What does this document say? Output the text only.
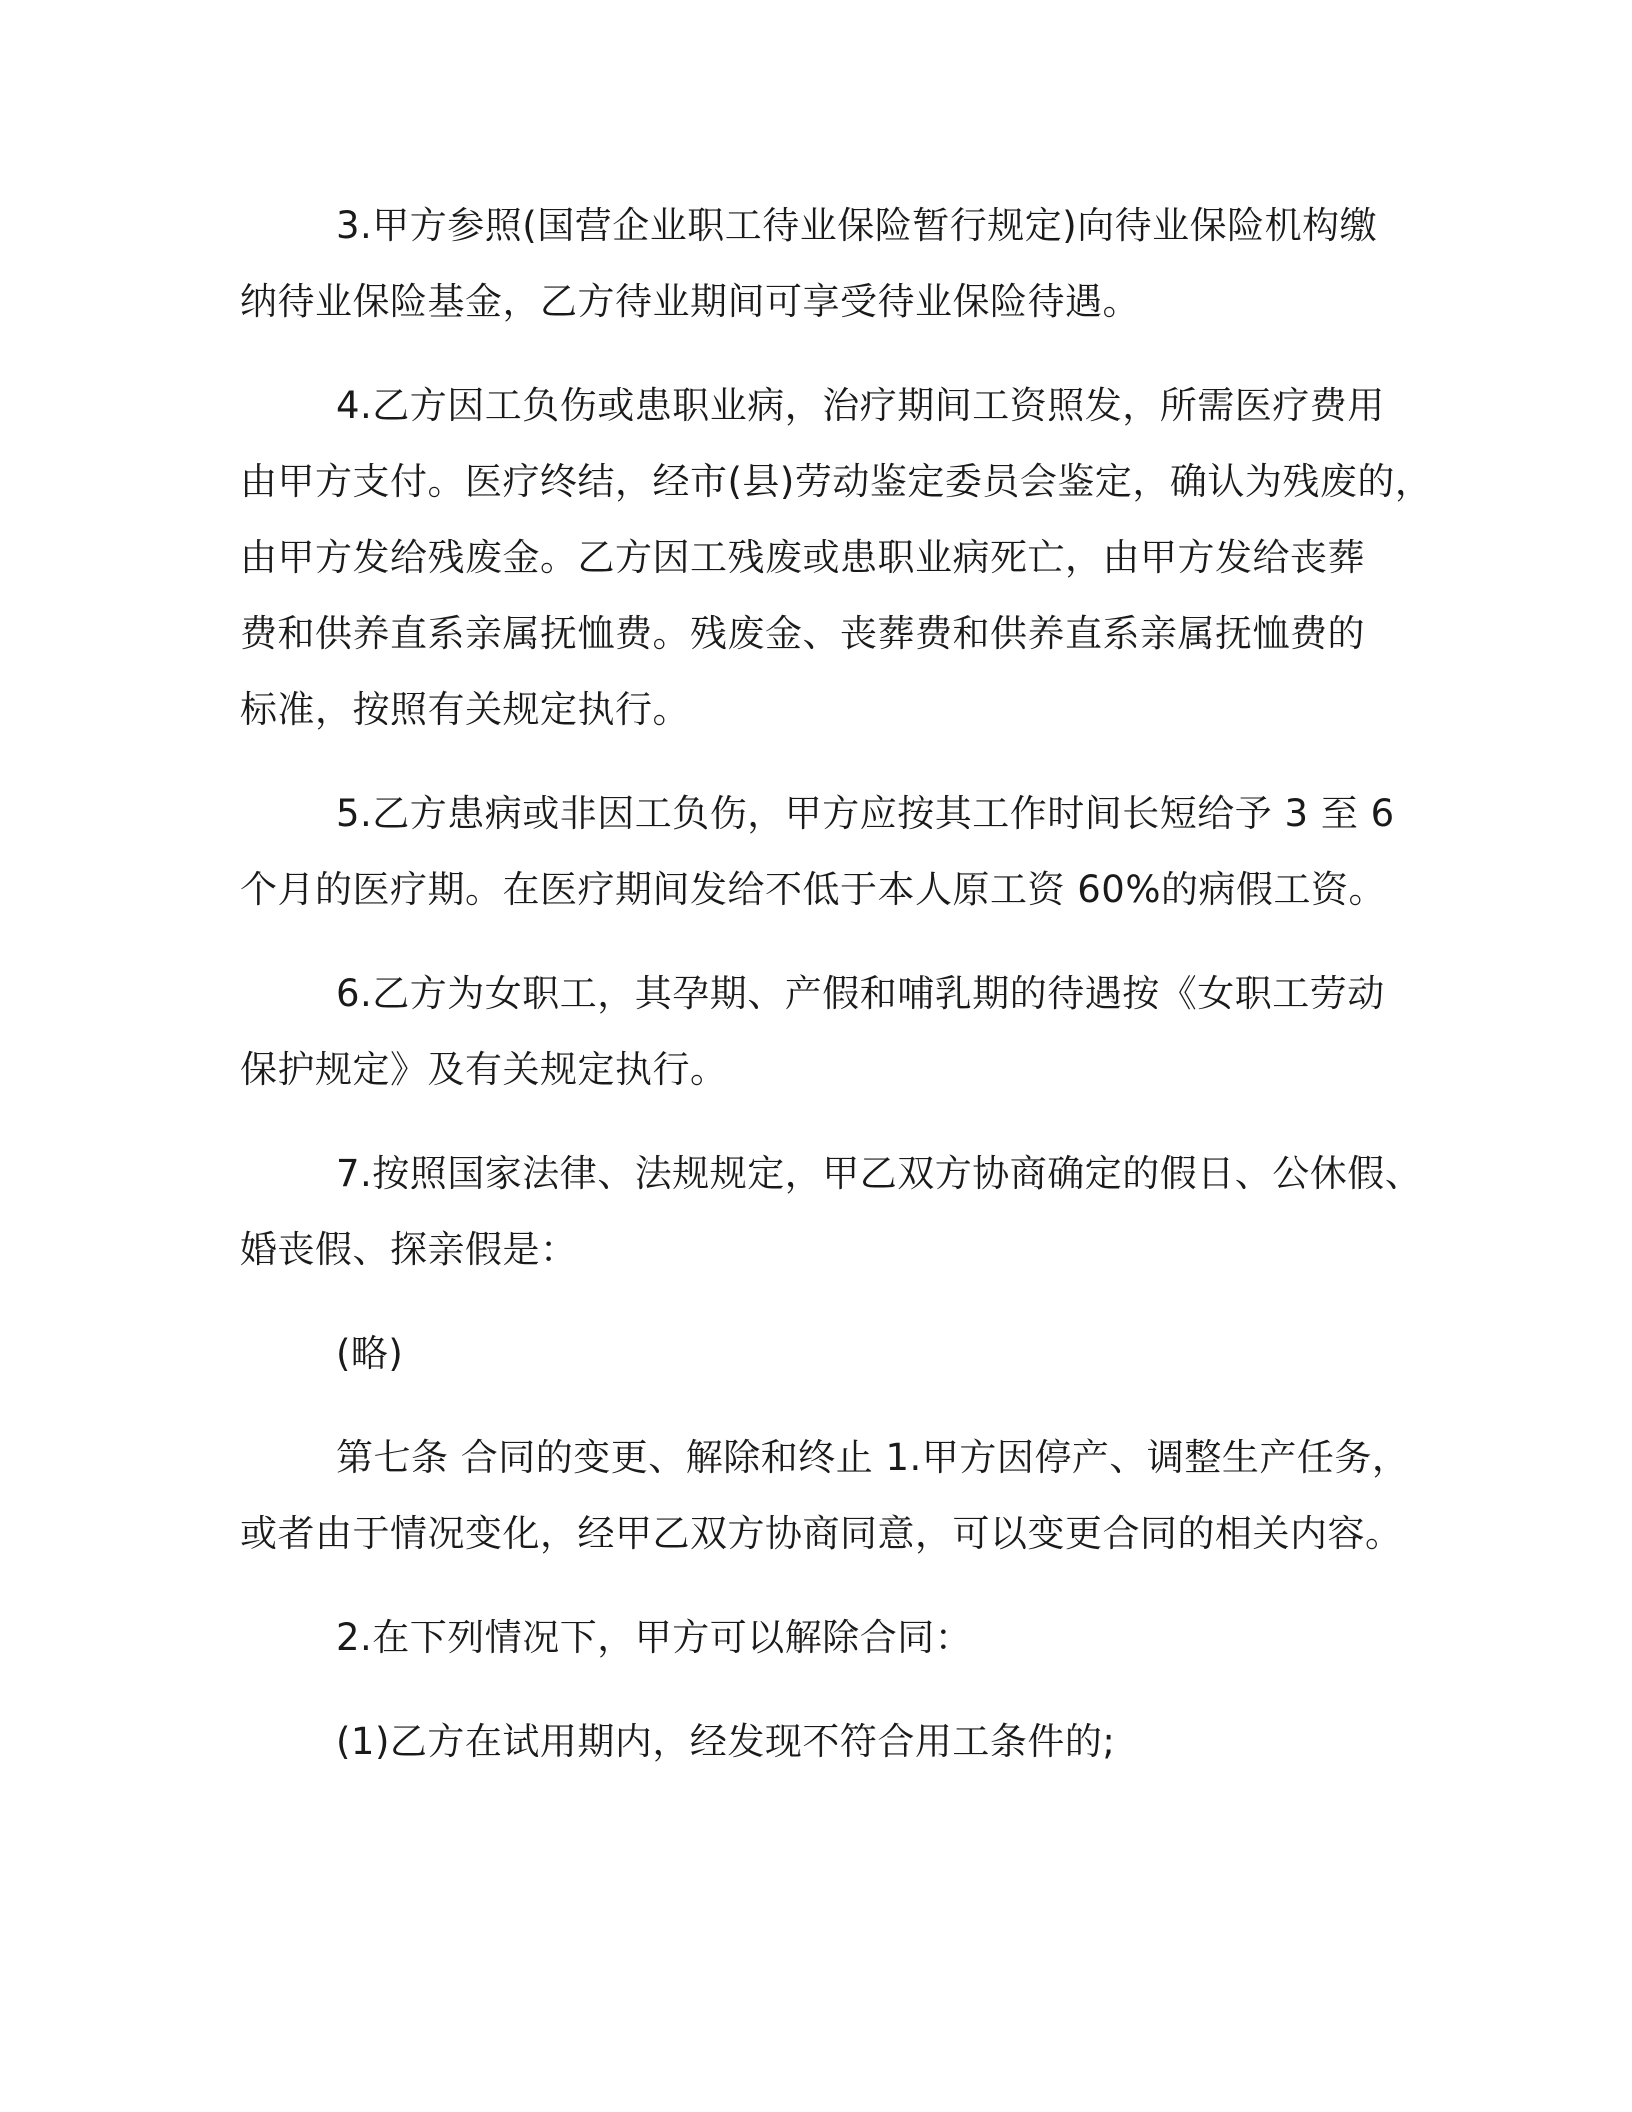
3.甲方参照(国营企业职工待业保险暂行规定)向待业保险机构缴
纳待业保险基金，乙方待业期间可享受待业保险待遇。

4.乙方因工负伤或患职业病，治疗期间工资照发，所需医疗费用
由甲方支付。医疗终结，经市(县)劳动鉴定委员会鉴定，确认为残废的，
由甲方发给残废金。乙方因工残废或患职业病死亡，由甲方发给丧葬
费和供养直系亲属抚恤费。残废金、丧葬费和供养直系亲属抚恤费的
标准，按照有关规定执行。

5.乙方患病或非因工负伤，甲方应按其工作时间长短给予 3 至 6
个月的医疗期。在医疗期间发给不低于本人原工资 60%的病假工资。

6.乙方为女职工，其孕期、产假和哺乳期的待遇按《女职工劳动
保护规定》及有关规定执行。

7.按照国家法律、法规规定，甲乙双方协商确定的假日、公休假、
婚丧假、探亲假是：

(略)

第七条 合同的变更、解除和终止 1.甲方因停产、调整生产任务，
或者由于情况变化，经甲乙双方协商同意，可以变更合同的相关内容。

2.在下列情况下，甲方可以解除合同：

(1)乙方在试用期内，经发现不符合用工条件的;
